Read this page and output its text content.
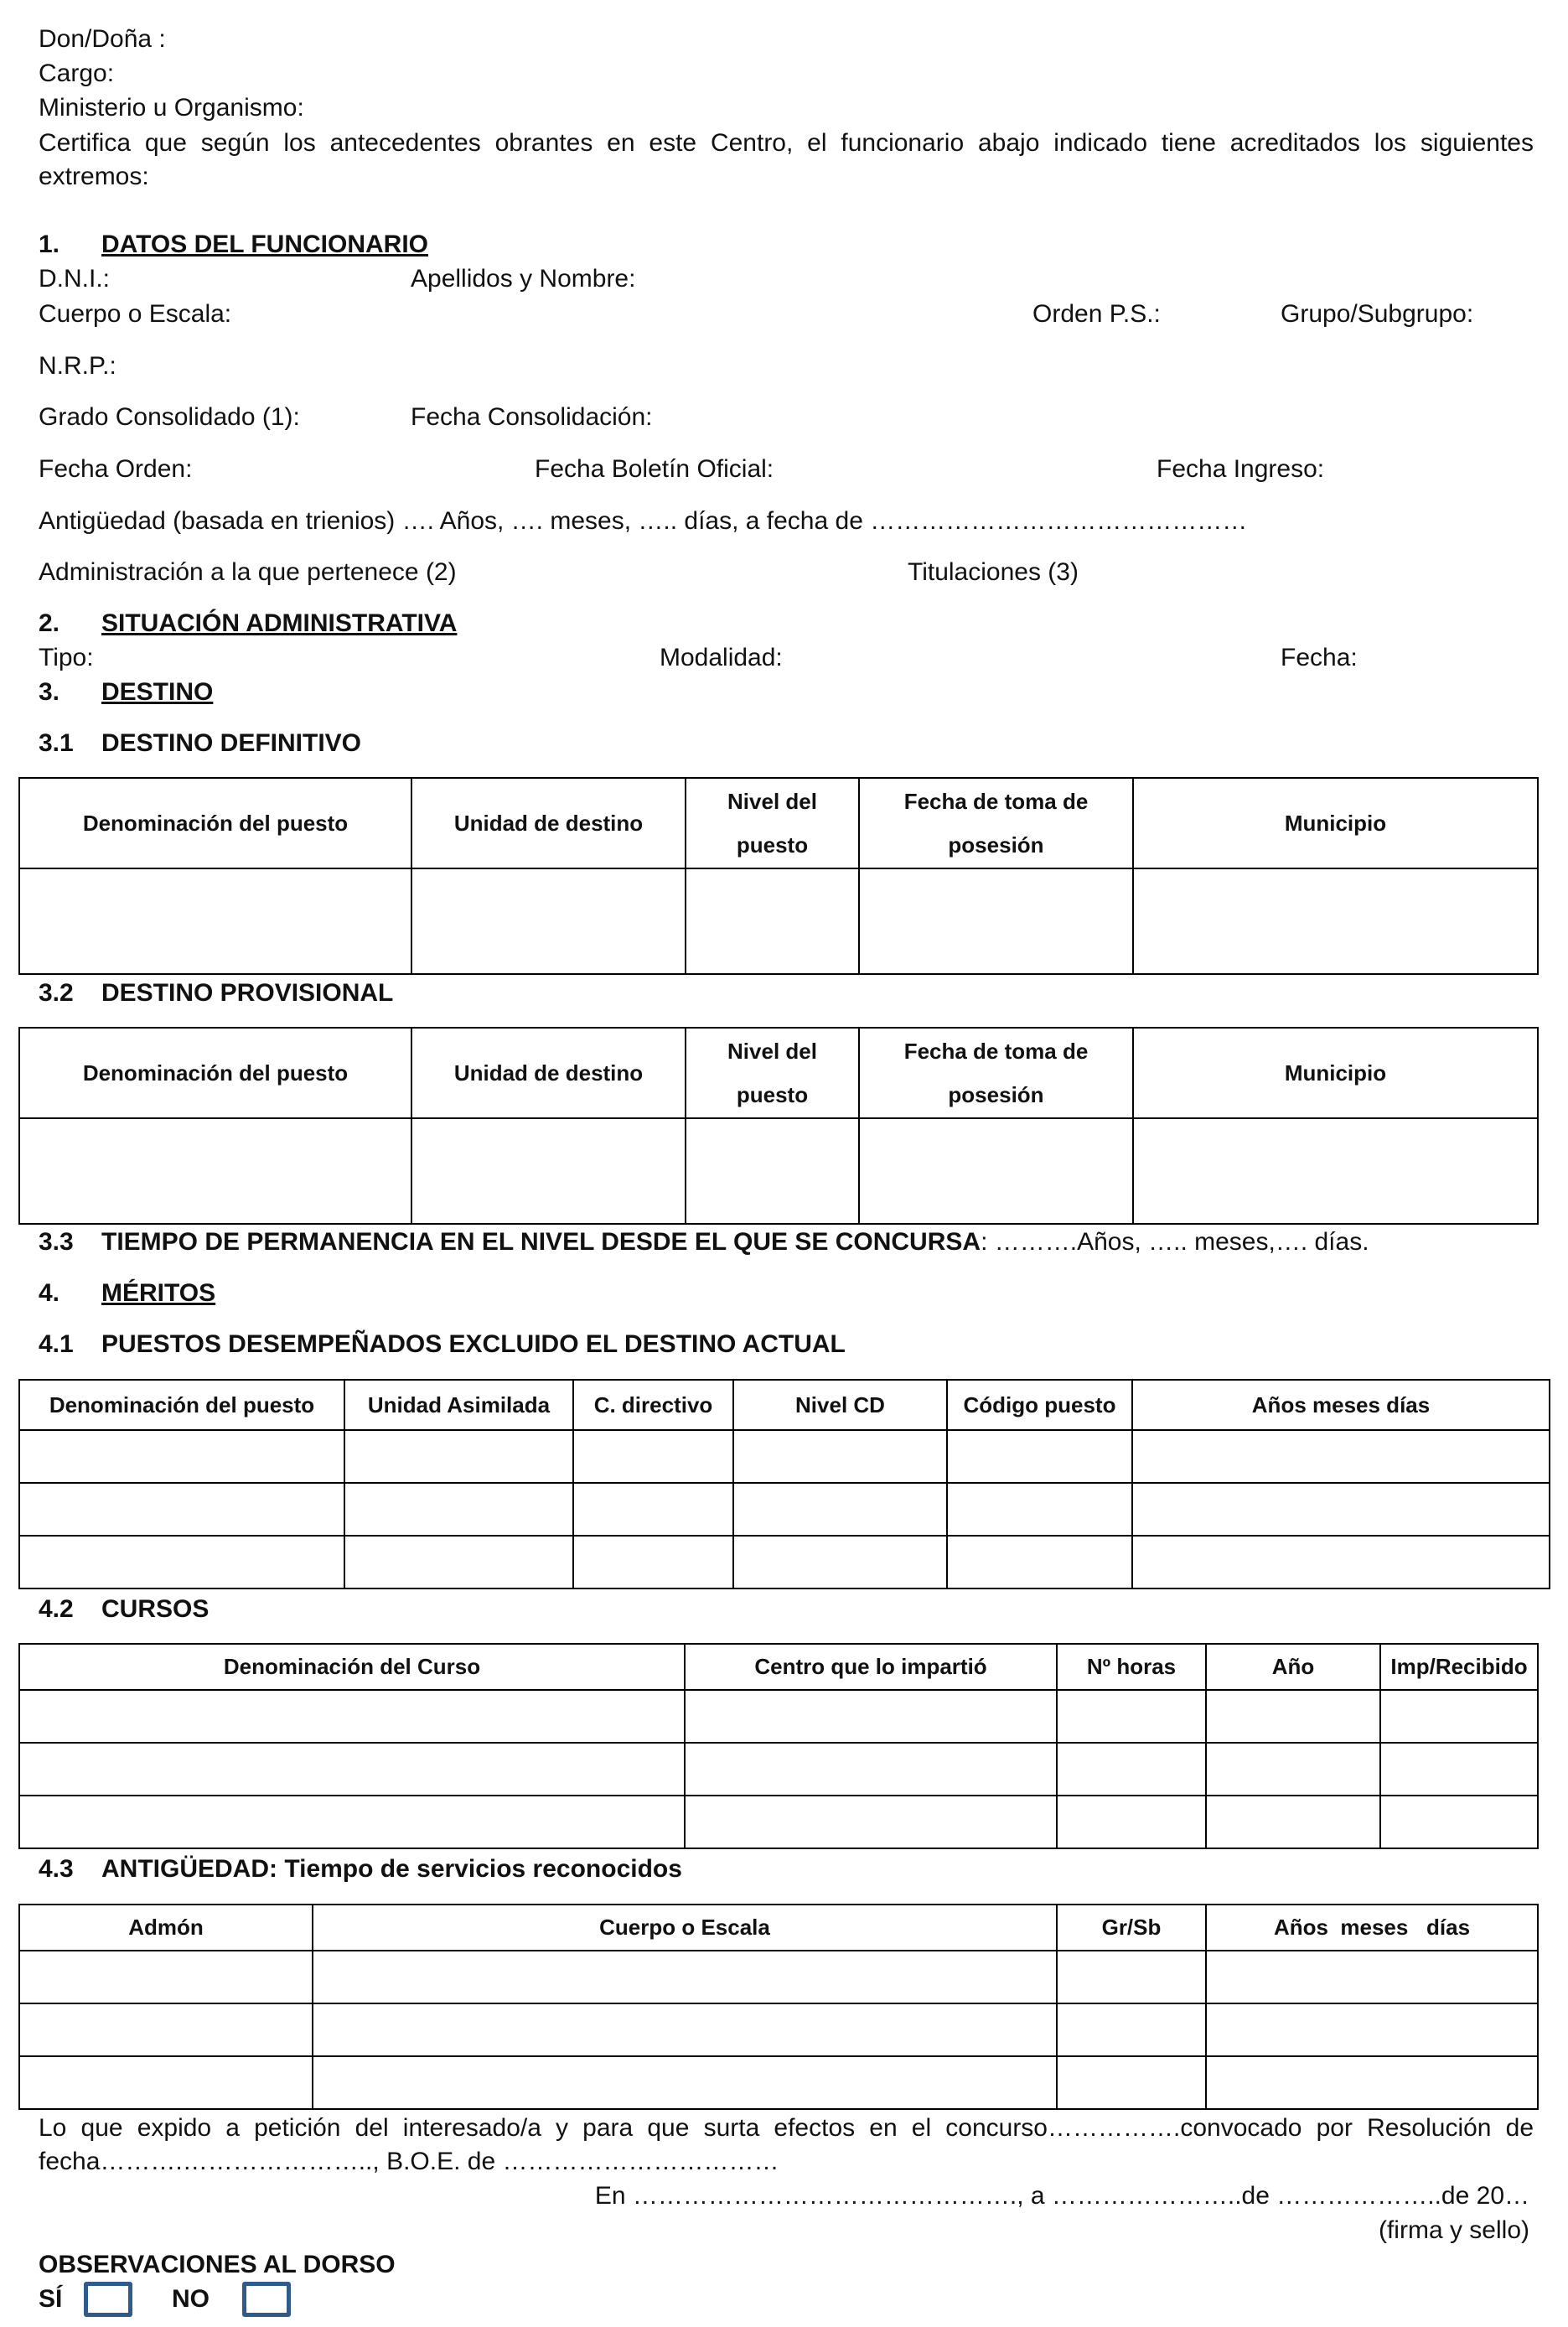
Don/Doña :
Cargo:
Ministerio u Organismo:
Certifica que según los antecedentes obrantes en este Centro, el funcionario abajo indicado tiene acreditados los siguientes
extremos:
1. DATOS DEL FUNCIONARIO
D.N.I.:	Apellidos y Nombre:
Cuerpo o Escala:	Orden P.S.:	Grupo/Subgrupo:
N.R.P.:
Grado Consolidado (1):	Fecha Consolidación:
Fecha Orden:	Fecha Boletín Oficial:	Fecha Ingreso:
Antigüedad (basada en trienios) …. Años, …. meses, ….. días, a fecha de ………………………………………
Administración a la que pertenece (2)	Titulaciones (3)
2. SITUACIÓN ADMINISTRATIVA
Tipo:	Modalidad:	Fecha:
3. DESTINO
3.1 DESTINO DEFINITIVO
Denominación del puesto	Unidad de destino	Nivel del puesto	Fecha de toma de posesión	Municipio

3.2 DESTINO PROVISIONAL
Denominación del puesto	Unidad de destino	Nivel del puesto	Fecha de toma de posesión	Municipio

3.3 TIEMPO DE PERMANENCIA EN EL NIVEL DESDE EL QUE SE CONCURSA: ……….Años, ….. meses,…. días.
4. MÉRITOS
4.1 PUESTOS DESEMPEÑADOS EXCLUIDO EL DESTINO ACTUAL
Denominación del puesto	Unidad Asimilada	C. directivo	Nivel CD	Código puesto	Años meses días

4.2 CURSOS
Denominación del Curso	Centro que lo impartió	Nº horas	Año	Imp/Recibido

4.3 ANTIGÜEDAD: Tiempo de servicios reconocidos
Admón	Cuerpo o Escala	Gr/Sb	Años  meses   días

Lo que expido a petición del interesado/a y para que surta efectos en el concurso…………….convocado por Resolución de
fecha……….………………….., B.O.E. de ……………………………
En ………………………………………., a …………………..de ………………..de 20…
(firma y sello)
OBSERVACIONES AL DORSO
SÍ	NO
